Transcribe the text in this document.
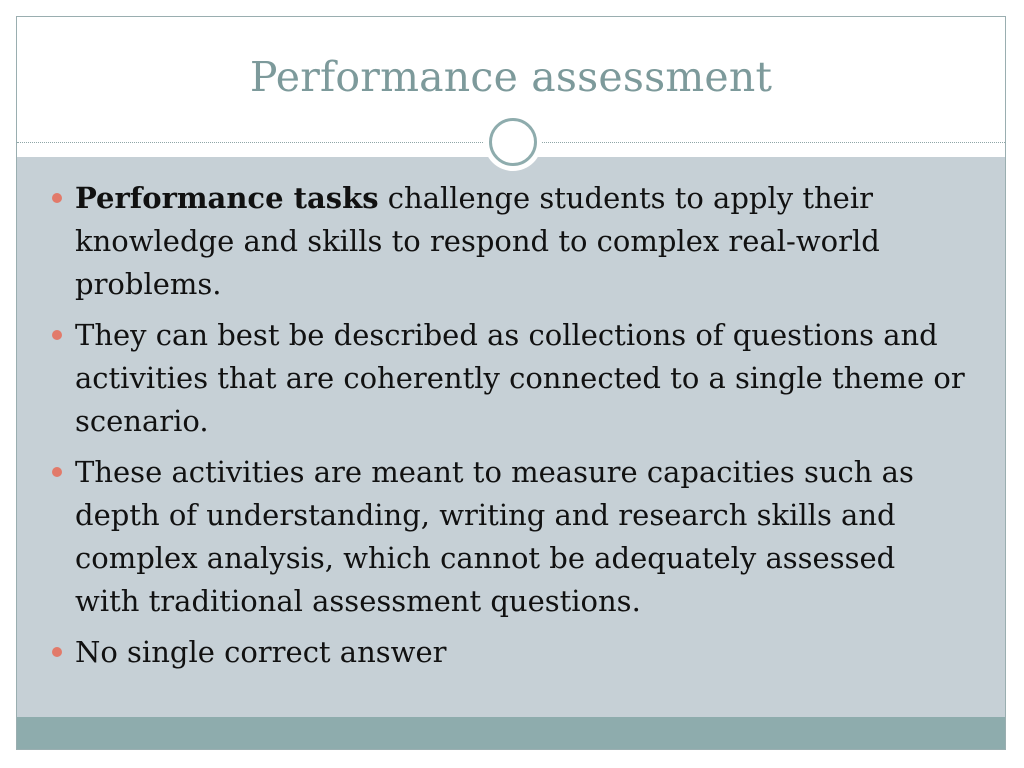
Performance assessment
Performance tasks challenge students to apply their knowledge and skills to respond to complex real-world problems.
They can best be described as collections of questions and activities that are coherently connected to a single theme or scenario.
These activities are meant to measure capacities such as depth of understanding, writing and research skills and complex analysis, which cannot be adequately assessed with traditional assessment questions.
No single correct answer
